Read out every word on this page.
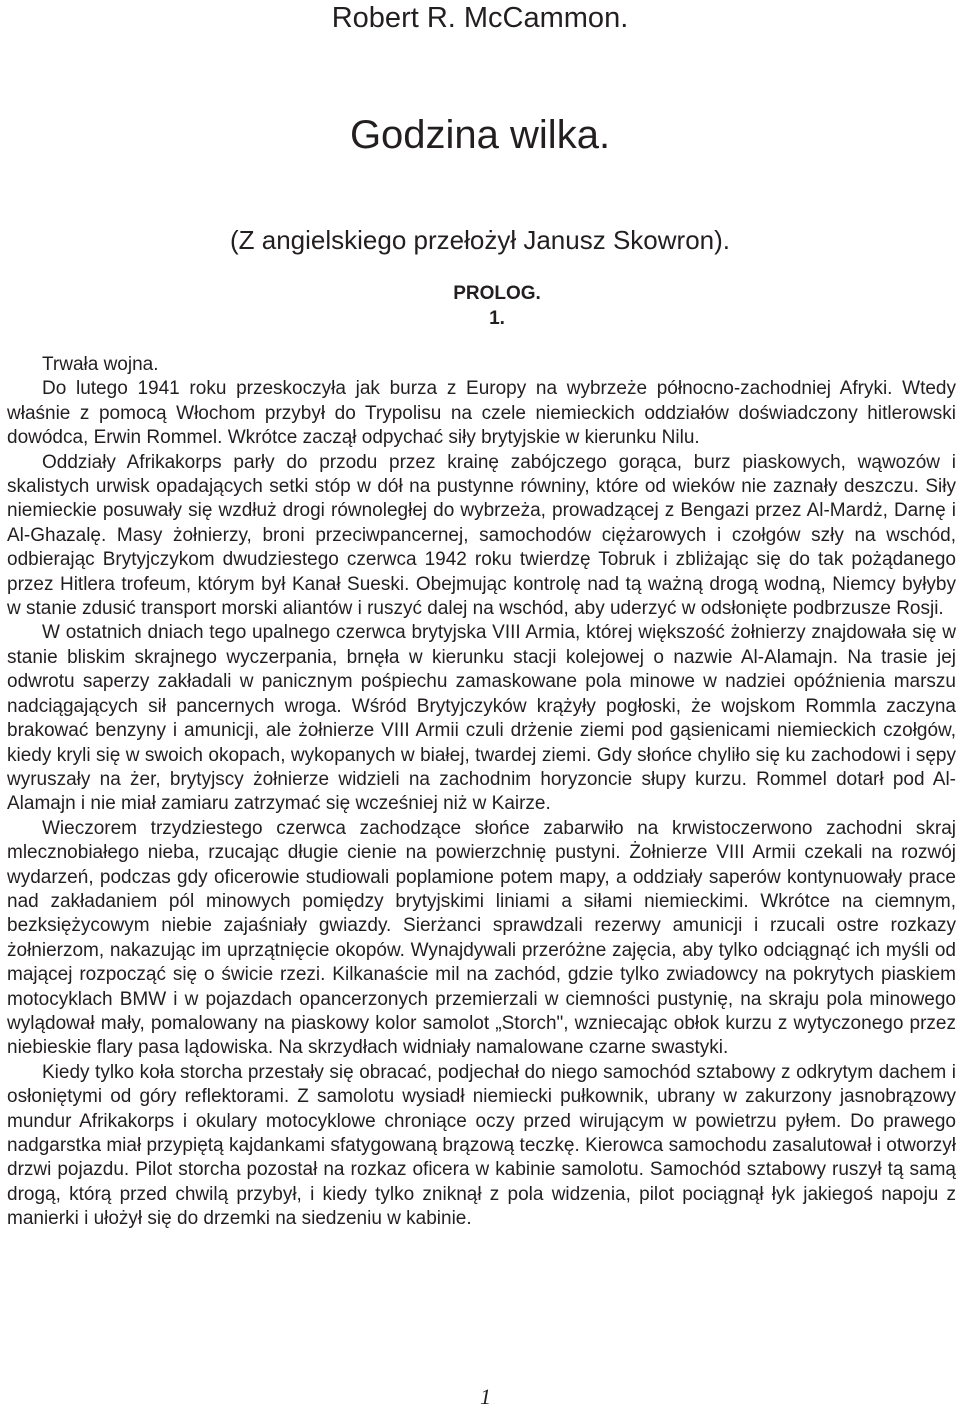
Robert R. McCammon.
Godzina wilka.
(Z angielskiego przełożył Janusz Skowron).
PROLOG.
1.

Trwała wojna.

Do lutego 1941 roku przeskoczyła jak burza z Europy na wybrzeże północno-zachodniej Afryki. Wtedy właśnie z pomocą Włochom przybył do Trypolisu na czele niemieckich oddziałów doświadczony hitlerowski dowódca, Erwin Rommel. Wkrótce zaczął odpychać siły brytyjskie w kierunku Nilu.

Oddziały Afrikakorps parły do przodu przez krainę zabójczego gorąca, burz piaskowych, wąwozów i skalistych urwisk opadających setki stóp w dół na pustynne równiny, które od wieków nie zaznały deszczu. Siły niemieckie posuwały się wzdłuż drogi równoległej do wybrzeża, prowadzącej z Bengazi przez Al-Mardż, Darnę i Al-Ghazalę. Masy żołnierzy, broni przeciwpancernej, samochodów ciężarowych i czołgów szły na wschód, odbierając Brytyjczykom dwudziestego czerwca 1942 roku twierdzę Tobruk i zbliżając się do tak pożądanego przez Hitlera trofeum, którym był Kanał Sueski. Obejmując kontrolę nad tą ważną drogą wodną, Niemcy byłyby w stanie zdusić transport morski aliantów i ruszyć dalej na wschód, aby uderzyć w odsłonięte podbrzusze Rosji.

W ostatnich dniach tego upalnego czerwca brytyjska VIII Armia, której większość żołnierzy znajdowała się w stanie bliskim skrajnego wyczerpania, brnęła w kierunku stacji kolejowej o nazwie Al-Alamajn. Na trasie jej odwrotu saperzy zakładali w panicznym pośpiechu zamaskowane pola minowe w nadziei opóźnienia marszu nadciągających sił pancernych wroga. Wśród Brytyjczyków krążyły pogłoski, że wojskom Rommla zaczyna brakować benzyny i amunicji, ale żołnierze VIII Armii czuli drżenie ziemi pod gąsienicami niemieckich czołgów, kiedy kryli się w swoich okopach, wykopanych w białej, twardej ziemi. Gdy słońce chyliło się ku zachodowi i sępy wyruszały na żer, brytyjscy żołnierze widzieli na zachodnim horyzoncie słupy kurzu. Rommel dotarł pod Al-Alamajn i nie miał zamiaru zatrzymać się wcześniej niż w Kairze.

Wieczorem trzydziestego czerwca zachodzące słońce zabarwiło na krwistoczerwono zachodni skraj mlecznobiałego nieba, rzucając długie cienie na powierzchnię pustyni. Żołnierze VIII Armii czekali na rozwój wydarzeń, podczas gdy oficerowie studiowali poplamione potem mapy, a oddziały saperów kontynuowały prace nad zakładaniem pól minowych pomiędzy brytyjskimi liniami a siłami niemieckimi. Wkrótce na ciemnym, bezksiężycowym niebie zajaśniały gwiazdy. Sierżanci sprawdzali rezerwy amunicji i rzucali ostre rozkazy żołnierzom, nakazując im uprzątnięcie okopów. Wynajdywali przeróżne zajęcia, aby tylko odciągnąć ich myśli od mającej rozpocząć się o świcie rzezi. Kilkanaście mil na zachód, gdzie tylko zwiadowcy na pokrytych piaskiem motocyklach BMW i w pojazdach opancerzonych przemierzali w ciemności pustynię, na skraju pola minowego wylądował mały, pomalowany na piaskowy kolor samolot „Storch", wzniecając obłok kurzu z wytyczonego przez niebieskie flary pasa lądowiska. Na skrzydłach widniały namalowane czarne swastyki.

Kiedy tylko koła storcha przestały się obracać, podjechał do niego samochód sztabowy z odkrytym dachem i osłoniętymi od góry reflektorami. Z samolotu wysiadł niemiecki pułkownik, ubrany w zakurzony jasnobrązowy mundur Afrikakorps i okulary motocyklowe chroniące oczy przed wirującym w powietrzu pyłem. Do prawego nadgarstka miał przypiętą kajdankami sfatygowaną brązową teczkę. Kierowca samochodu zasalutował i otworzył drzwi pojazdu. Pilot storcha pozostał na rozkaz oficera w kabinie samolotu. Samochód sztabowy ruszył tą samą drogą, którą przed chwilą przybył, i kiedy tylko zniknął z pola widzenia, pilot pociągnął łyk jakiegoś napoju z manierki i ułożył się do drzemki na siedzeniu w kabinie.

1
